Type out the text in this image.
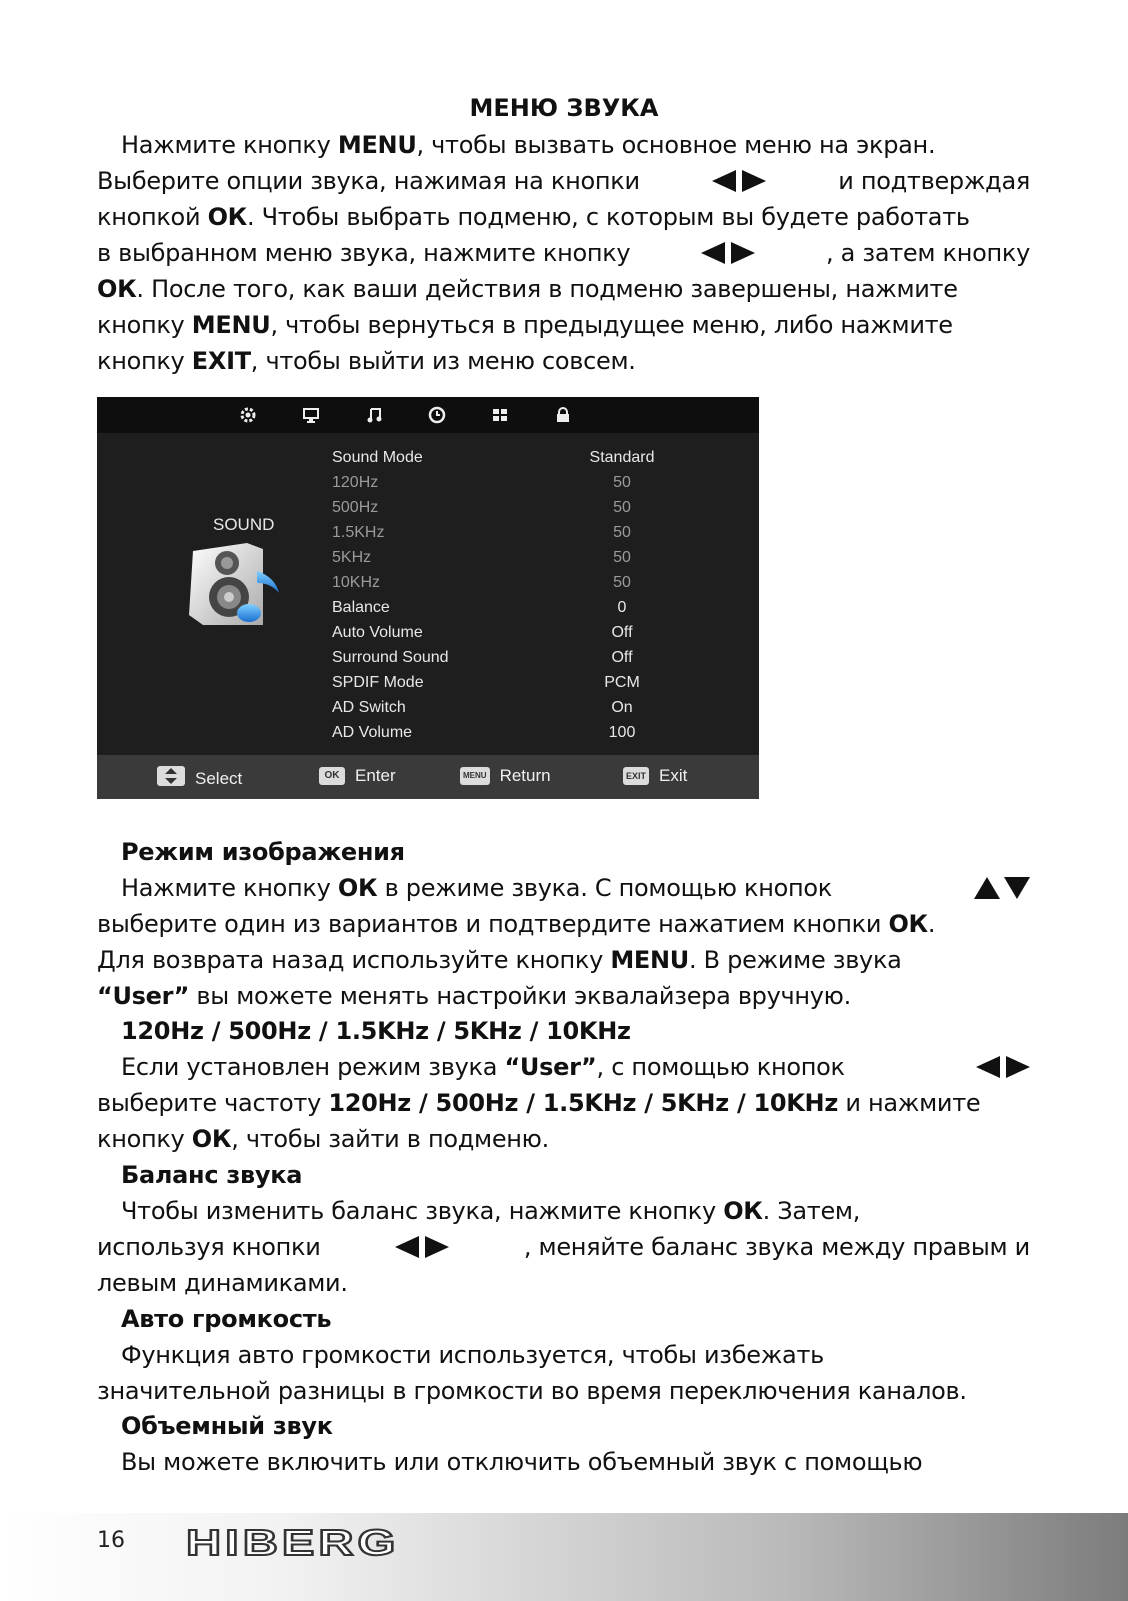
МЕНЮ ЗВУКА
Нажмите кнопку MENU, чтобы вызвать основное меню на экран.
Выберите опции звука, нажимая на кнопки	и подтверждая
кнопкой ОК. Чтобы выбрать подменю, с которым вы будете работать
в выбранном меню звука, нажмите кнопку	, а затем кнопку
ОК. После того, как ваши действия в подменю завершены, нажмите
кнопку MENU, чтобы вернуться в предыдущее меню, либо нажмите
кнопку EXIT, чтобы выйти из меню совсем.
SOUND
Sound Mode	Standard
120Hz	50
500Hz	50
1.5KHz	50
5KHz	50
10KHz	50
Balance	0
Auto Volume	Off
Surround Sound	Off
SPDIF Mode	PCM
AD Switch	On
AD Volume	100
Select	OK Enter	MENU Return	EXIT Exit
Режим изображения
Нажмите кнопку ОК в режиме звука. С помощью кнопок
выберите один из вариантов и подтвердите нажатием кнопки ОК.
Для возврата назад используйте кнопку MENU. В режиме звука
“User” вы можете менять настройки эквалайзера вручную.
120Hz / 500Hz / 1.5KHz / 5KHz / 10KHz
Если установлен режим звука “User”, с помощью кнопок
выберите частоту 120Hz / 500Hz / 1.5KHz / 5KHz / 10KHz и нажмите
кнопку ОК, чтобы зайти в подменю.
Баланс звука
Чтобы изменить баланс звука, нажмите кнопку ОК. Затем,
используя кнопки	, меняйте баланс звука между правым и
левым динамиками.
Авто громкость
Функция авто громкости используется, чтобы избежать
значительной разницы в громкости во время переключения каналов.
Объемный звук
Вы можете включить или отключить объемный звук с помощью
16 HIBERG
